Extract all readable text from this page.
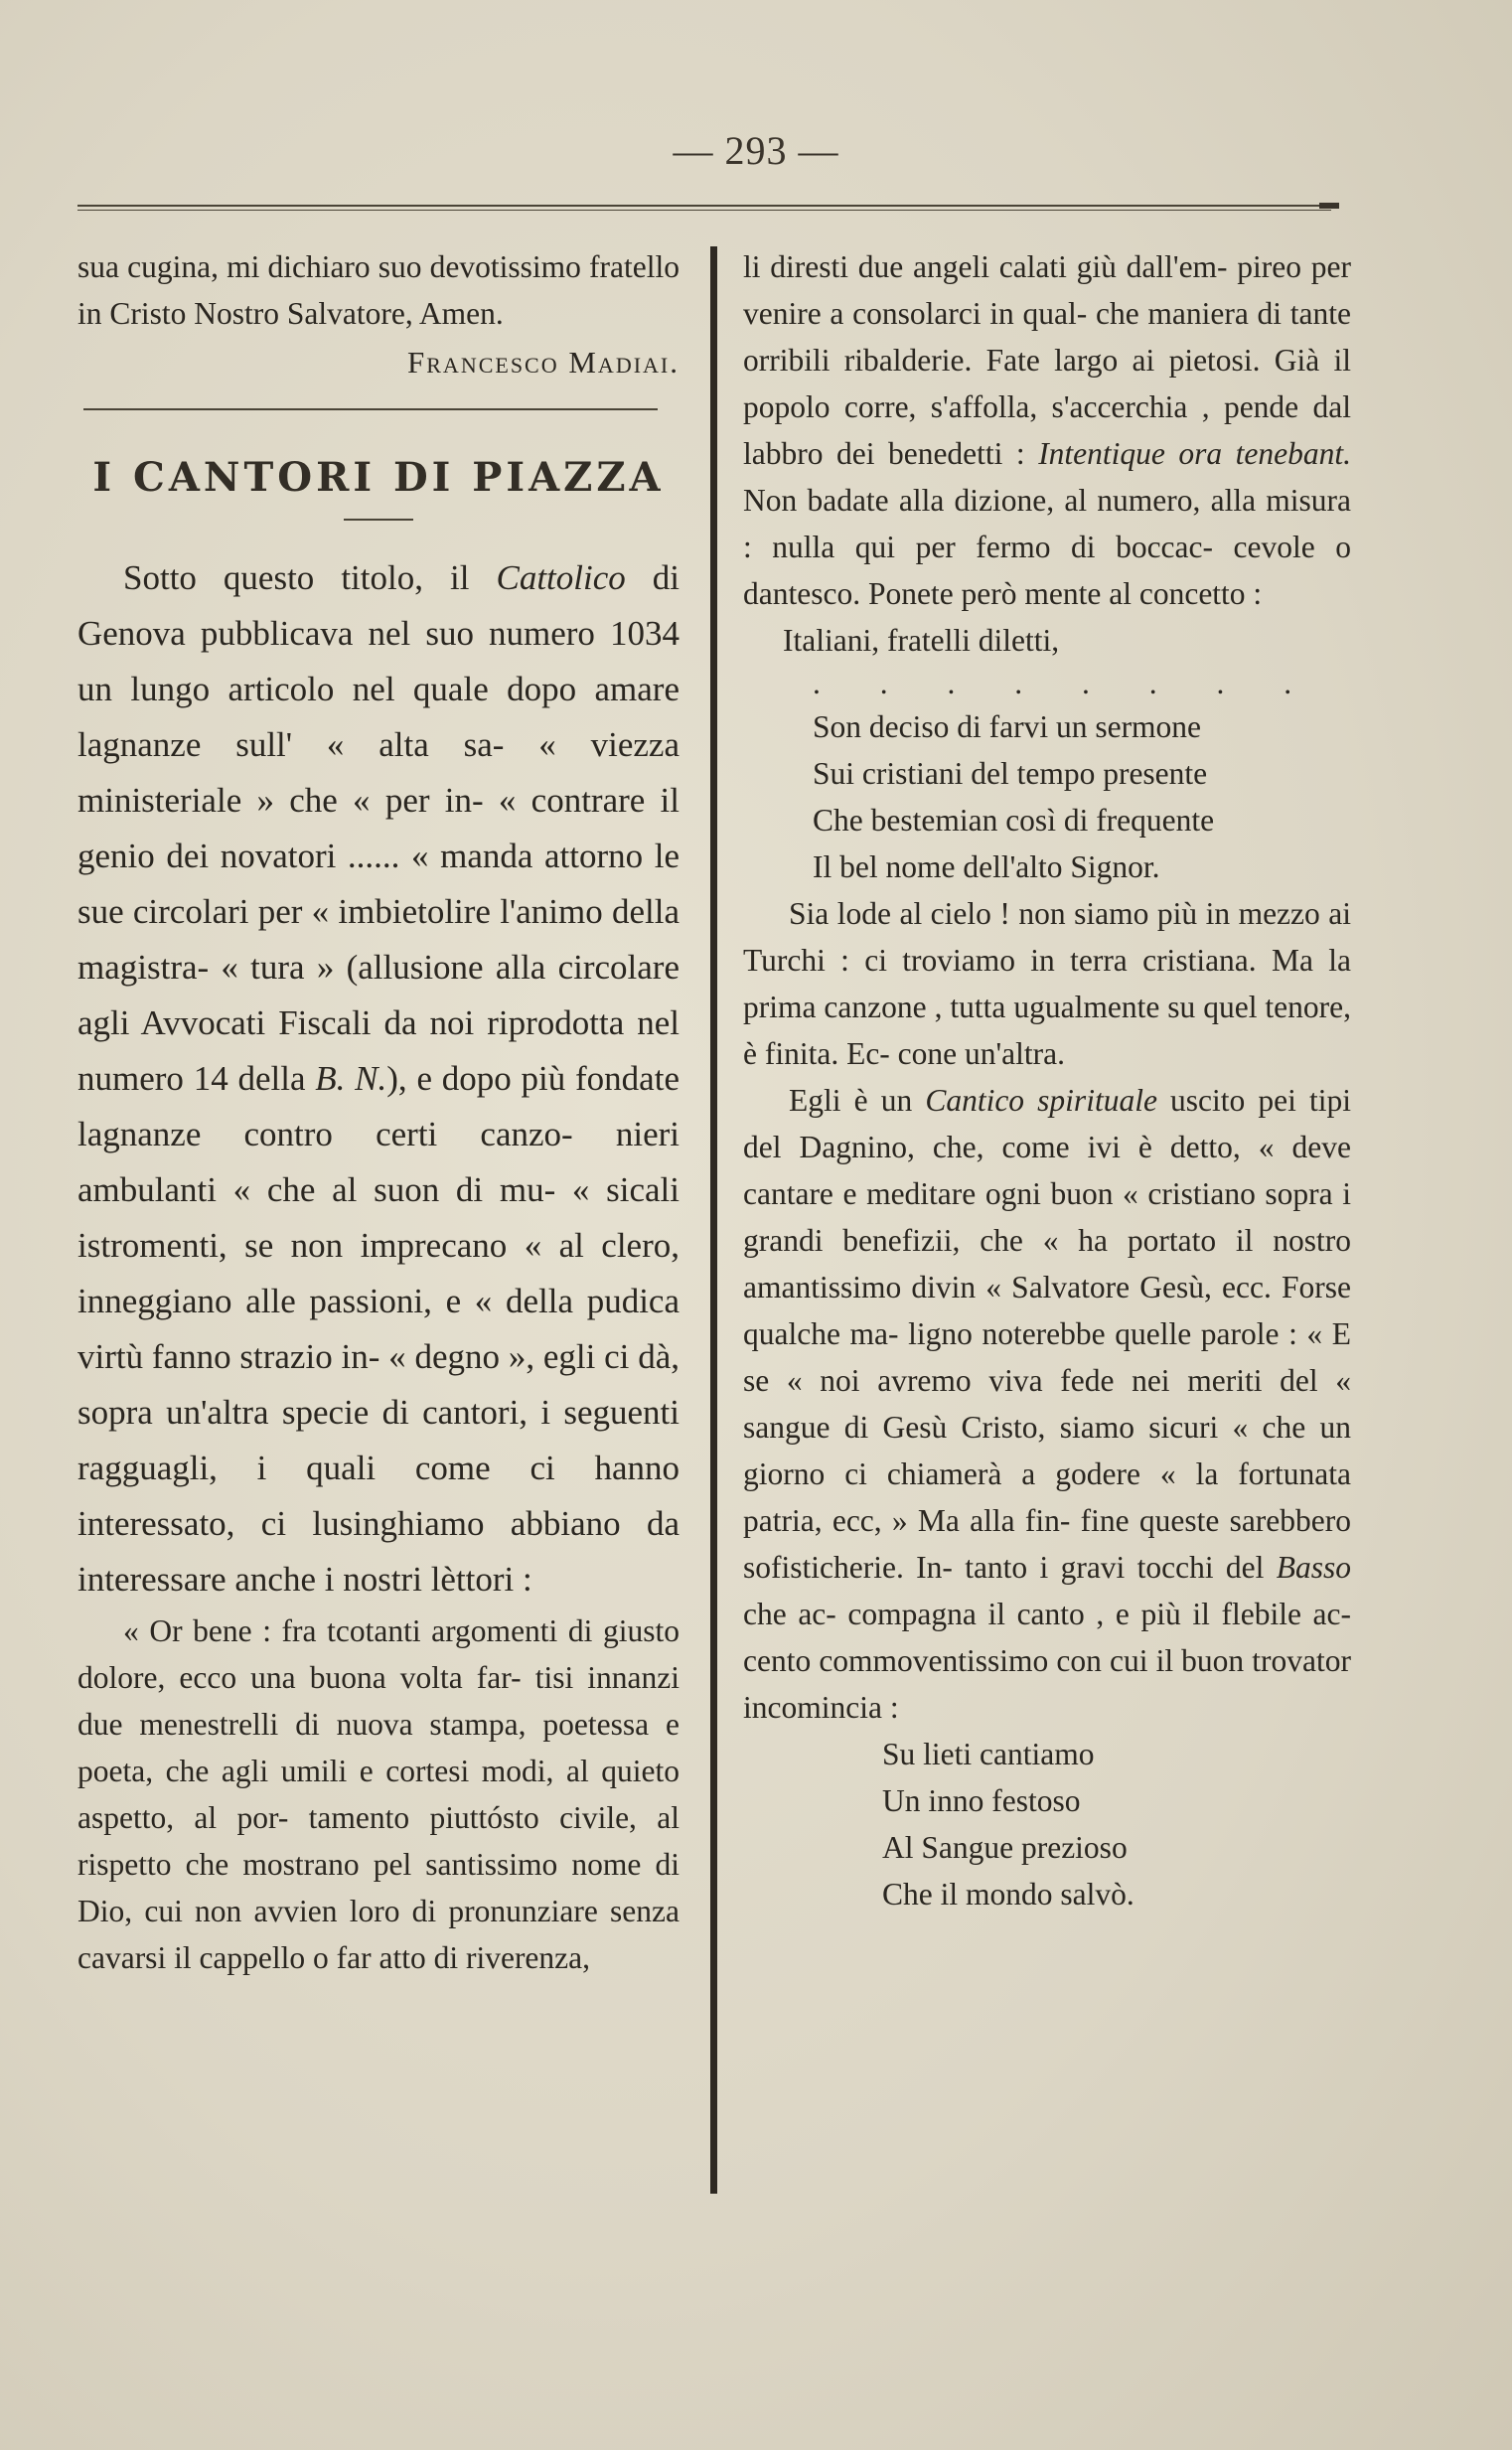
— 293 —

sua cugina, mi dichiaro suo devotissimo fratello in Cristo Nostro Salvatore, Amen.

Francesco Madiai.

I CANTORI DI PIAZZA

Sotto questo titolo, il Cattolico di Genova pubblicava nel suo numero 1034 un lungo articolo nel quale dopo amare lagnanze sull' « alta sa- « viezza ministeriale » che « per in- « contrare il genio dei novatori ...... « manda attorno le sue circolari per « imbietolire l'animo della magistra- « tura » (allusione alla circolare agli Avvocati Fiscali da noi riprodotta nel numero 14 della B. N.), e dopo più fondate lagnanze contro certi canzo- nieri ambulanti « che al suon di mu- « sicali istromenti, se non imprecano « al clero, inneggiano alle passioni, e « della pudica virtù fanno strazio in- « degno », egli ci dà, sopra un'altra specie di cantori, i seguenti ragguagli, i quali come ci hanno interessato, ci lusinghiamo abbiano da interessare anche i nostri lèttori :

« Or bene : fra tcotanti argomenti di giusto dolore, ecco una buona volta far- tisi innanzi due menestrelli di nuova stampa, poetessa e poeta, che agli umili e cortesi modi, al quieto aspetto, al por- tamento piuttósto civile, al rispetto che mostrano pel santissimo nome di Dio, cui non avvien loro di pronunziare senza cavarsi il cappello o far atto di riverenza,

li diresti due angeli calati giù dall'em- pireo per venire a consolarci in qual- che maniera di tante orribili ribalderie. Fate largo ai pietosi. Già il popolo corre, s'affolla, s'accerchia , pende dal labbro dei benedetti : Intentique ora tenebant. Non badate alla dizione, al numero, alla misura : nulla qui per fermo di boccac- cevole o dantesco. Ponete però mente al concetto :

Italiani, fratelli diletti,

. . . . . . . .

Son deciso di farvi un sermone

Sui cristiani del tempo presente

Che bestemian così di frequente

Il bel nome dell'alto Signor.

Sia lode al cielo ! non siamo più in mezzo ai Turchi : ci troviamo in terra cristiana. Ma la prima canzone , tutta ugualmente su quel tenore, è finita. Ec- cone un'altra.

Egli è un Cantico spirituale uscito pei tipi del Dagnino, che, come ivi è detto, « deve cantare e meditare ogni buon « cristiano sopra i grandi benefizii, che « ha portato il nostro amantissimo divin « Salvatore Gesù, ecc. Forse qualche ma- ligno noterebbe quelle parole : « E se « noi avremo viva fede nei meriti del « sangue di Gesù Cristo, siamo sicuri « che un giorno ci chiamerà a godere « la fortunata patria, ecc, » Ma alla fin- fine queste sarebbero sofisticherie. In- tanto i gravi tocchi del Basso che ac- compagna il canto , e più il flebile ac- cento commoventissimo con cui il buon trovator incomincia :

Su lieti cantiamo

Un inno festoso

Al Sangue prezioso

Che il mondo salvò.
